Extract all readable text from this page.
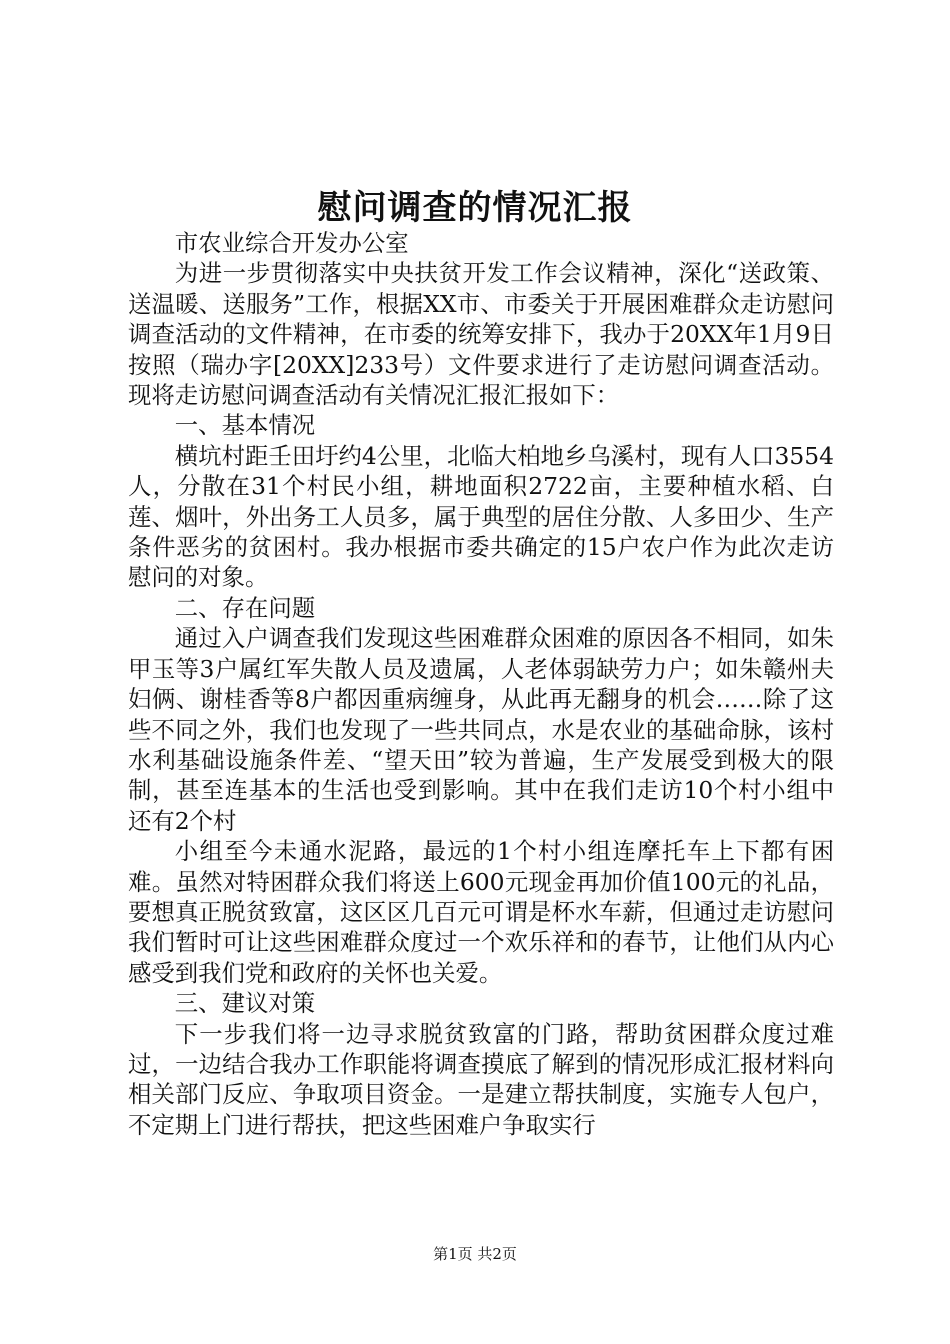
慰问调查的情况汇报

市农业综合开发办公室

为进一步贯彻落实中央扶贫开发工作会议精神，深化“送政策、送温暖、送服务”工作，根据XX市、市委关于开展困难群众走访慰问调查活动的文件精神，在市委的统筹安排下，我办于20XX年1月9日按照（瑞办字[20XX]233号）文件要求进行了走访慰问调查活动。现将走访慰问调查活动有关情况汇报汇报如下：

一、基本情况

横坑村距壬田圩约4公里，北临大柏地乡乌溪村，现有人口3554人，分散在31个村民小组，耕地面积2722亩，主要种植水稻、白莲、烟叶，外出务工人员多，属于典型的居住分散、人多田少、生产条件恶劣的贫困村。我办根据市委共确定的15户农户作为此次走访慰问的对象。

二、存在问题

通过入户调查我们发现这些困难群众困难的原因各不相同，如朱甲玉等3户属红军失散人员及遗属，人老体弱缺劳力户；如朱赣州夫妇俩、谢桂香等8户都因重病缠身，从此再无翻身的机会……除了这些不同之外，我们也发现了一些共同点，水是农业的基础命脉，该村水利基础设施条件差、“望天田”较为普遍，生产发展受到极大的限制，甚至连基本的生活也受到影响。其中在我们走访10个村小组中还有2个村

小组至今未通水泥路，最远的1个村小组连摩托车上下都有困难。虽然对特困群众我们将送上600元现金再加价值100元的礼品，要想真正脱贫致富，这区区几百元可谓是杯水车薪，但通过走访慰问我们暂时可让这些困难群众度过一个欢乐祥和的春节，让他们从内心感受到我们党和政府的关怀也关爱。

三、建议对策

下一步我们将一边寻求脱贫致富的门路，帮助贫困群众度过难过，一边结合我办工作职能将调查摸底了解到的情况形成汇报材料向相关部门反应、争取项目资金。一是建立帮扶制度，实施专人包户，不定期上门进行帮扶，把这些困难户争取实行

第1页 共2页
